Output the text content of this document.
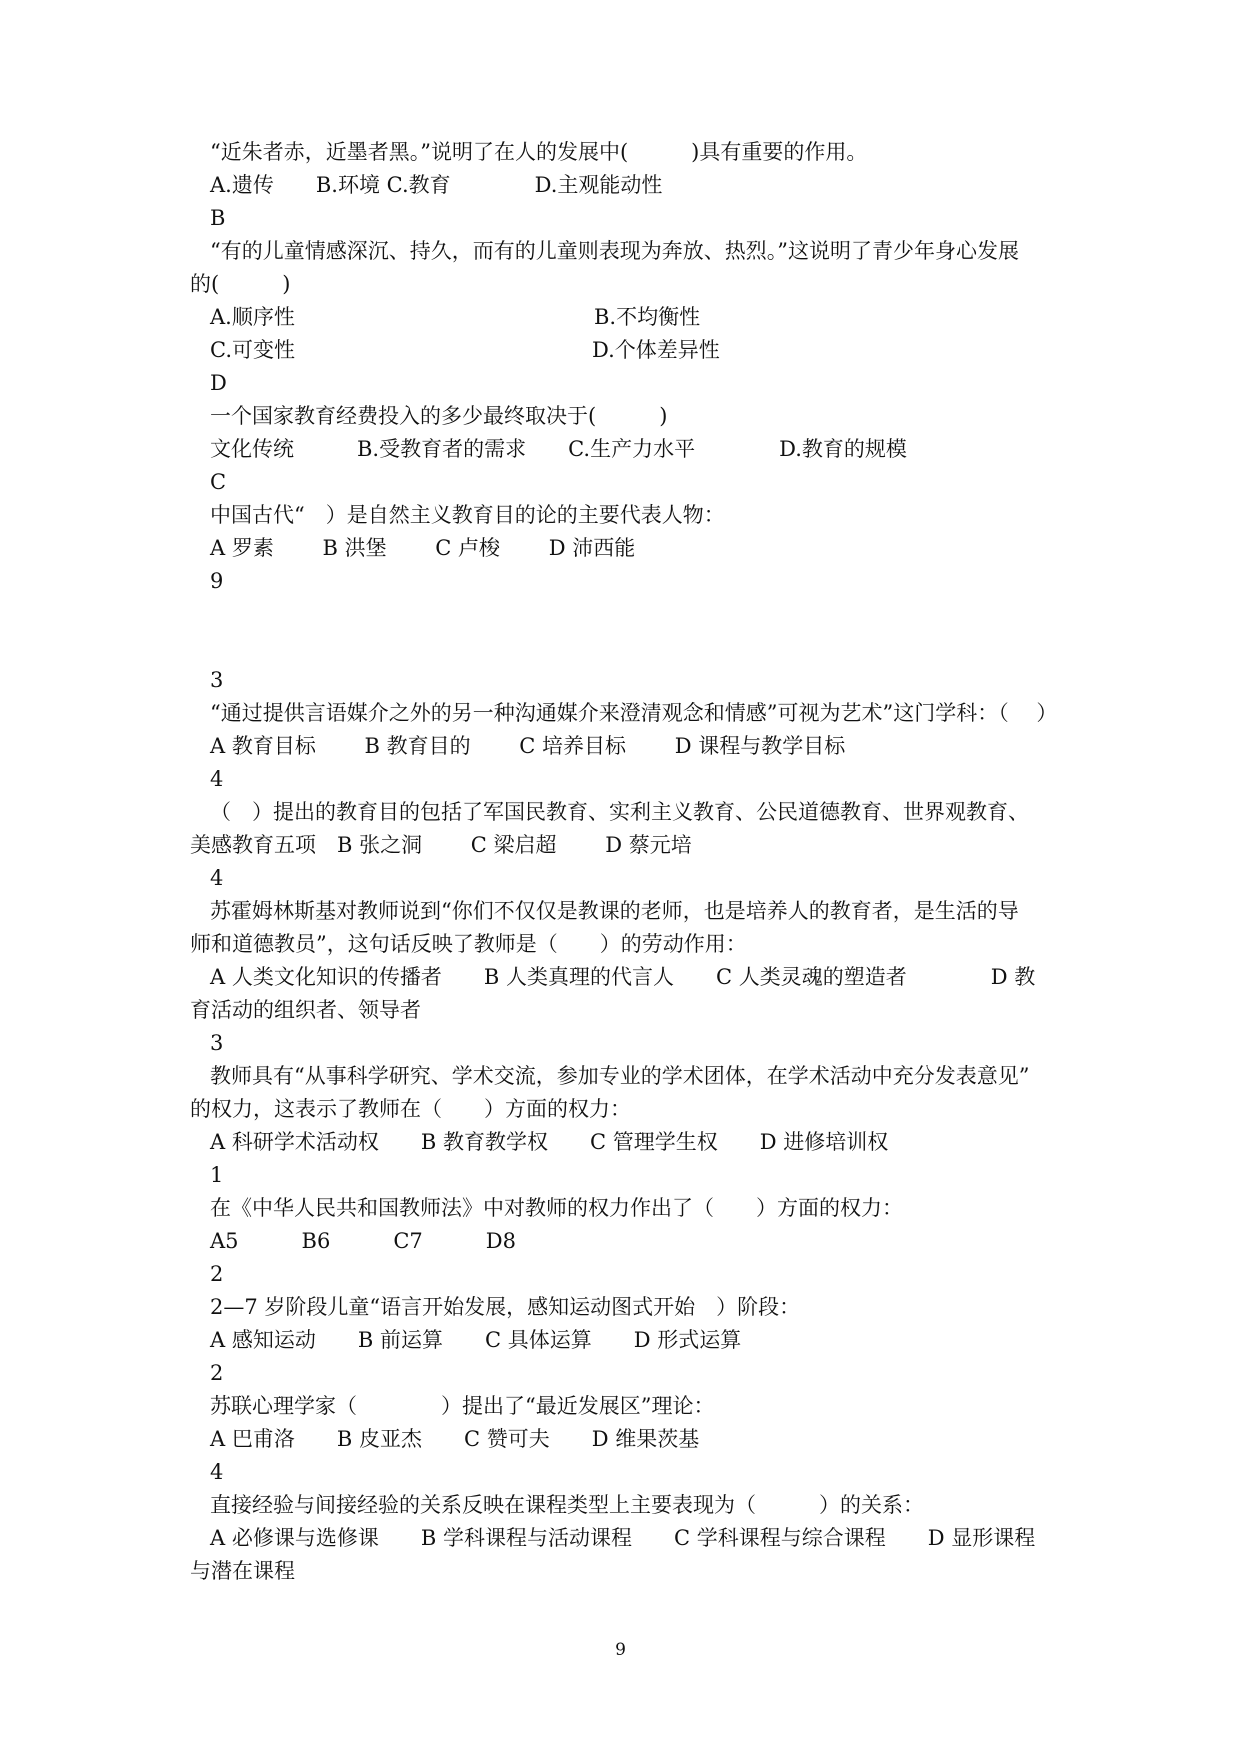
“近朱者赤，近墨者黑。”说明了在人的发展中(　　　)具有重要的作用。
A.遗传　　B.环境 C.教育　　　　D.主观能动性
B
“有的儿童情感深沉、持久，而有的儿童则表现为奔放、热烈。”这说明了青少年身心发展
的(　　　)
A.顺序性	B.不均衡性
C.可变性	D.个体差异性
D
一个国家教育经费投入的多少最终取决于(　　　)
文化传统　　　B.受教育者的需求　　C.生产力水平　　　　D.教育的规模
C
中国古代“　）是自然主义教育目的论的主要代表人物：
A 罗素　　 B 洪堡　　 C 卢梭　　 D 沛西能
9
3
“通过提供言语媒介之外的另一种沟通媒介来澄清观念和情感”可视为艺术”这门学科：（　 ）
A 教育目标　　 B 教育目的　　 C 培养目标　　 D 课程与教学目标
4
（　）提出的教育目的包括了军国民教育、实利主义教育、公民道德教育、世界观教育、
美感教育五项　B 张之洞　　 C 梁启超　　 D 蔡元培
4
苏霍姆林斯基对教师说到“你们不仅仅是教课的老师，也是培养人的教育者，是生活的导
师和道德教员”，这句话反映了教师是（　　）的劳动作用：
A 人类文化知识的传播者　　B 人类真理的代言人　　C 人类灵魂的塑造者　　　　D 教
育活动的组织者、领导者
3
教师具有“从事科学研究、学术交流，参加专业的学术团体，在学术活动中充分发表意见”
的权力，这表示了教师在（　　）方面的权力：
A 科研学术活动权　　B 教育教学权　　C 管理学生权　　D 进修培训权
1
在《中华人民共和国教师法》中对教师的权力作出了（　　）方面的权力：
A5　　　B6　　　C7　　　D8
2
2—7 岁阶段儿童“语言开始发展，感知运动图式开始　）阶段：
A 感知运动　　B 前运算　　C 具体运算　　D 形式运算
2
苏联心理学家（　　　　）提出了“最近发展区”理论：
A 巴甫洛　　B 皮亚杰　　C 赞可夫　　D 维果茨基
4
直接经验与间接经验的关系反映在课程类型上主要表现为（　　　）的关系：
A 必修课与选修课　　B 学科课程与活动课程　　C 学科课程与综合课程　　D 显形课程
与潜在课程
9
